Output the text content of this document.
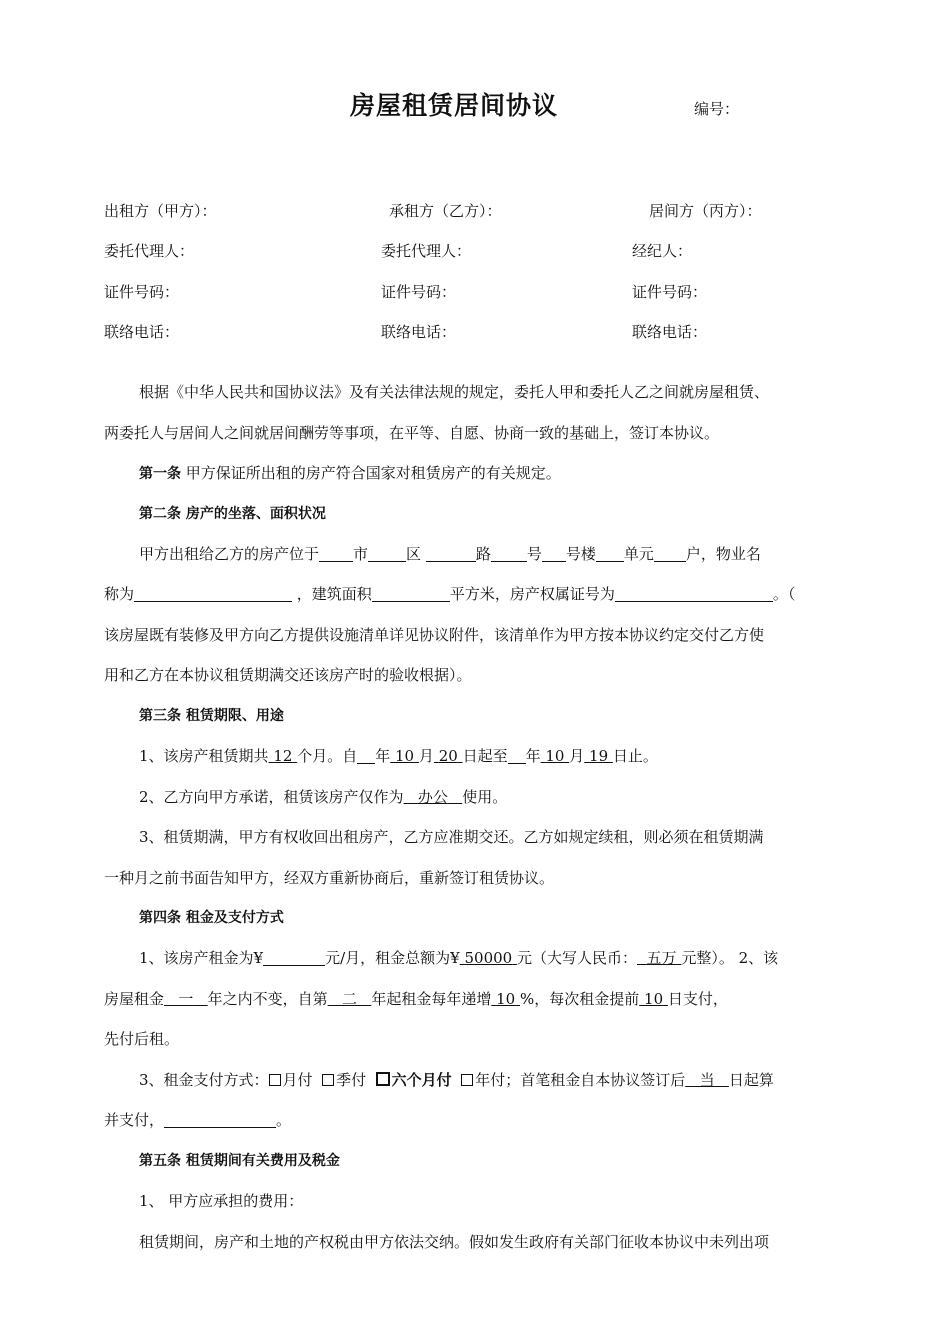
房屋租赁居间协议	编号：
出租方（甲方）：	承租方（乙方）：	居间方（丙方）：
委托代理人：	委托代理人：	经纪人：
证件号码：	证件号码：	证件号码：
联络电话：	联络电话：	联络电话：
根据《中华人民共和国协议法》及有关法律法规的规定，委托人甲和委托人乙之间就房屋租赁、
两委托人与居间人之间就居间酬劳等事项，在平等、自愿、协商一致的基础上，签订本协议。
第一条 甲方保证所出租的房产符合国家对租赁房产的有关规定。
第二条 房产的坐落、面积状况
甲方出租给乙方的房产位于 市	区	路 号 号楼 单元 户，物业名
称为	，建筑面积	平方米，房产权属证号为	。（
该房屋既有装修及甲方向乙方提供设施清单详见协议附件，该清单作为甲方按本协议约定交付乙方使
用和乙方在本协议租赁期满交还该房产时的验收根据）。
第三条 租赁期限、用途
1、该房产租赁期共 12 个月。自 年 10 月 20 日起至 年 10 月 19 日止。
2、乙方向甲方承诺，租赁该房产仅作为 办公 使用。
3、租赁期满，甲方有权收回出租房产，乙方应准期交还。乙方如规定续租，则必须在租赁期满
一种月之前书面告知甲方，经双方重新协商后，重新签订租赁协议。
第四条 租金及支付方式
1、该房产租金为¥	元/月，租金总额为¥ 50000 元（大写人民币： 五万 元整）。 2、该
房屋租金 一 年之内不变，自第 二 年起租金每年递增 10 %，每次租金提前 10 日支付，
先付后租。
3、租金支付方式： 月付 季付 六个月付 年付；首笔租金自本协议签订后 当 日起算
并支付，	。
第五条 租赁期间有关费用及税金
1、 甲方应承担的费用：
租赁期间，房产和土地的产权税由甲方依法交纳。假如发生政府有关部门征收本协议中未列出项
